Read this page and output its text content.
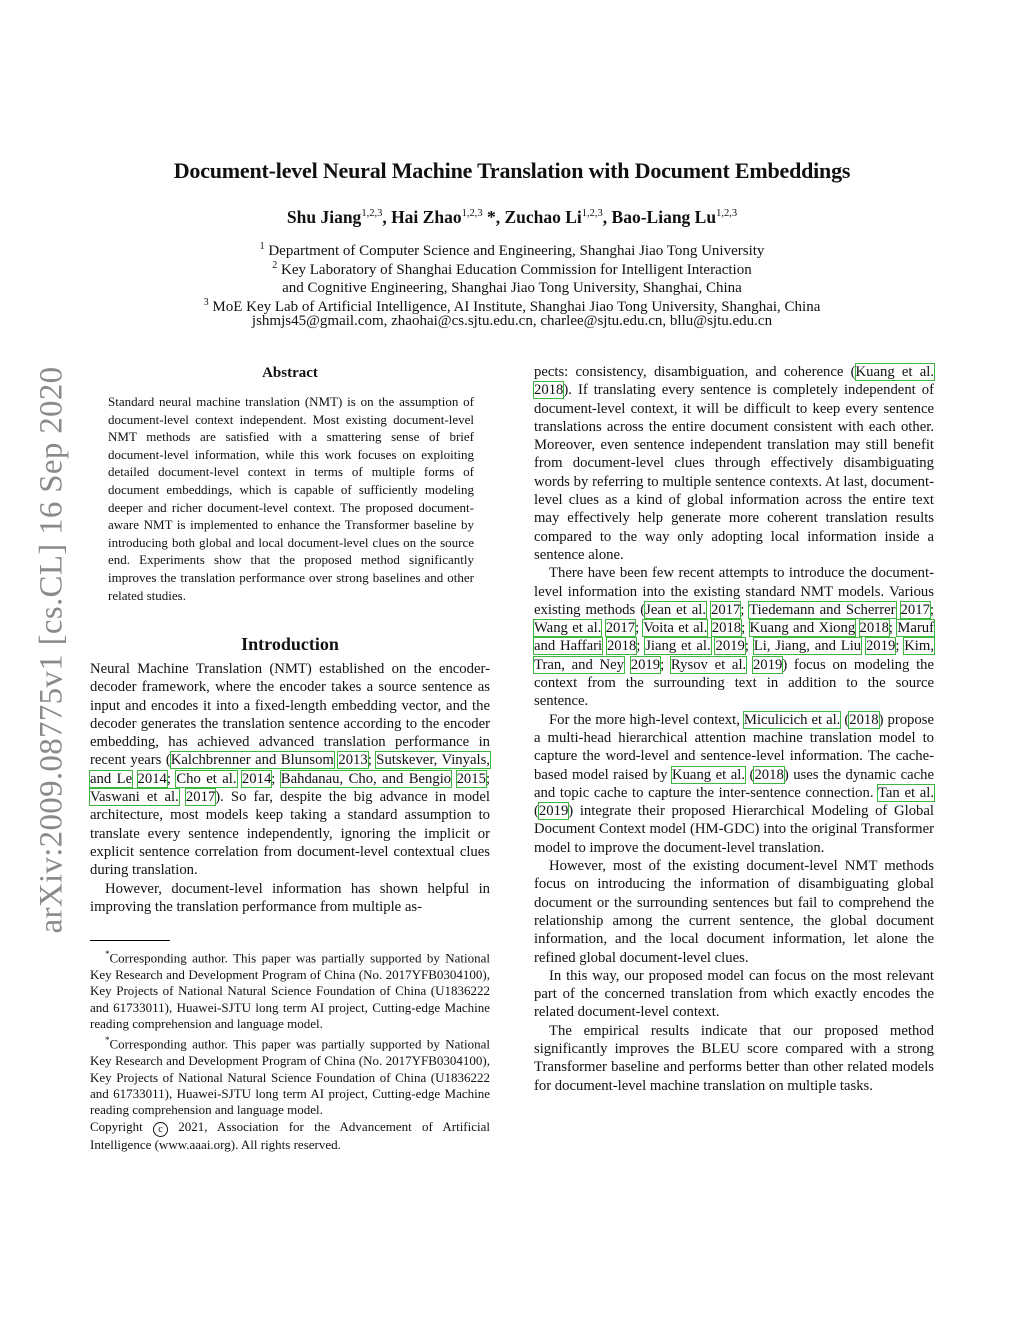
arXiv:2009.08775v1 [cs.CL] 16 Sep 2020
Document-level Neural Machine Translation with Document Embeddings
Shu Jiang$^{1,2,3}$, Hai Zhao$^{1,2,3}$ *, Zuchao Li$^{1,2,3}$, Bao-Liang Lu$^{1,2,3}$
$^1$ Department of Computer Science and Engineering, Shanghai Jiao Tong University
$^2$ Key Laboratory of Shanghai Education Commission for Intelligent Interaction
and Cognitive Engineering, Shanghai Jiao Tong University, Shanghai, China
$^3$ MoE Key Lab of Artificial Intelligence, AI Institute, Shanghai Jiao Tong University, Shanghai, China
jshmjs45@gmail.com, zhaohai@cs.sjtu.edu.cn, charlee@sjtu.edu.cn, bllu@sjtu.edu.cn
Abstract
Standard neural machine translation (NMT) is on the assumption of document-level context independent. Most existing document-level NMT methods are satisfied with a smattering sense of brief document-level information, while this work focuses on exploiting detailed document-level context in terms of multiple forms of document embeddings, which is capable of sufficiently modeling deeper and richer document-level context. The proposed document-aware NMT is implemented to enhance the Transformer baseline by introducing both global and local document-level clues on the source end. Experiments show that the proposed method significantly improves the translation performance over strong baselines and other related studies.
Introduction

Neural Machine Translation (NMT) established on the encoder-decoder framework, where the encoder takes a source sentence as input and encodes it into a fixed-length embedding vector, and the decoder generates the translation sentence according to the encoder embedding, has achieved advanced translation performance in recent years (Kalchbrenner and Blunsom 2013; Sutskever, Vinyals, and Le 2014; Cho et al. 2014; Bahdanau, Cho, and Bengio 2015; Vaswani et al. 2017). So far, despite the big advance in model architecture, most models keep taking a standard assumption to translate every sentence independently, ignoring the implicit or explicit sentence correlation from document-level contextual clues during translation.

However, document-level information has shown helpful in improving the translation performance from multiple as-

*Corresponding author. This paper was partially supported by National Key Research and Development Program of China (No. 2017YFB0304100), Key Projects of National Natural Science Foundation of China (U1836222 and 61733011), Huawei-SJTU long term AI project, Cutting-edge Machine reading comprehension and language model.

*Corresponding author. This paper was partially supported by National Key Research and Development Program of China (No. 2017YFB0304100), Key Projects of National Natural Science Foundation of China (U1836222 and 61733011), Huawei-SJTU long term AI project, Cutting-edge Machine reading comprehension and language model.

Copyright c 2021, Association for the Advancement of Artificial Intelligence (www.aaai.org). All rights reserved.

pects: consistency, disambiguation, and coherence (Kuang et al. 2018). If translating every sentence is completely independent of document-level context, it will be difficult to keep every sentence translations across the entire document consistent with each other. Moreover, even sentence independent translation may still benefit from document-level clues through effectively disambiguating words by referring to multiple sentence contexts. At last, document-level clues as a kind of global information across the entire text may effectively help generate more coherent translation results compared to the way only adopting local information inside a sentence alone.

There have been few recent attempts to introduce the document-level information into the existing standard NMT models. Various existing methods (Jean et al. 2017; Tiedemann and Scherrer 2017; Wang et al. 2017; Voita et al. 2018; Kuang and Xiong 2018; Maruf and Haffari 2018; Jiang et al. 2019; Li, Jiang, and Liu 2019; Kim, Tran, and Ney 2019; Rysov et al. 2019) focus on modeling the context from the surrounding text in addition to the source sentence.

For the more high-level context, Miculicich et al. (2018) propose a multi-head hierarchical attention machine translation model to capture the word-level and sentence-level information. The cache-based model raised by Kuang et al. (2018) uses the dynamic cache and topic cache to capture the inter-sentence connection. Tan et al. (2019) integrate their proposed Hierarchical Modeling of Global Document Context model (HM-GDC) into the original Transformer model to improve the document-level translation.

However, most of the existing document-level NMT methods focus on introducing the information of disambiguating global document or the surrounding sentences but fail to comprehend the relationship among the current sentence, the global document information, and the local document information, let alone the refined global document-level clues.

In this way, our proposed model can focus on the most relevant part of the concerned translation from which exactly encodes the related document-level context.

The empirical results indicate that our proposed method significantly improves the BLEU score compared with a strong Transformer baseline and performs better than other related models for document-level machine translation on multiple tasks.
